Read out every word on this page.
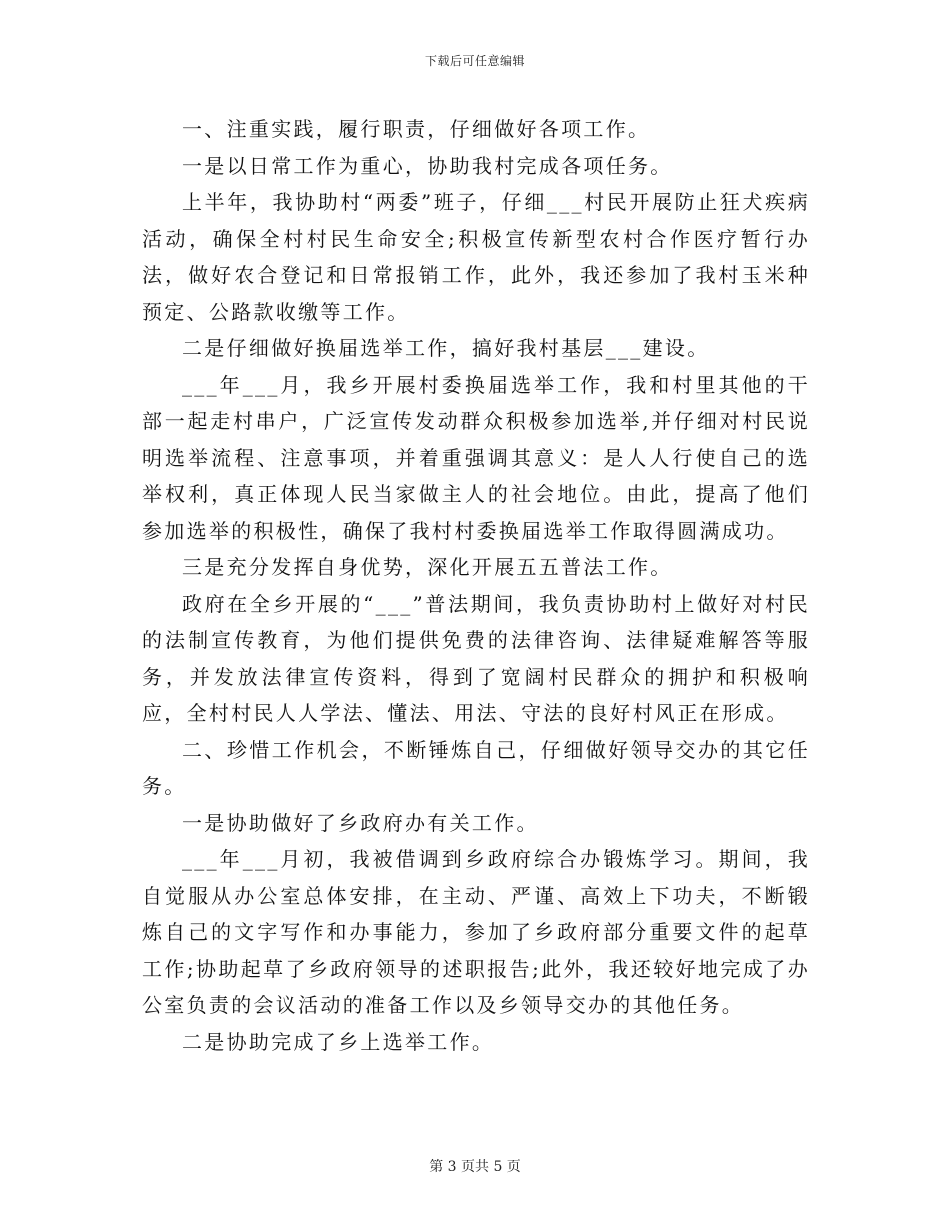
下载后可任意编辑

一、注重实践，履行职责，仔细做好各项工作。

一是以日常工作为重心，协助我村完成各项任务。

上半年，我协助村“两委”班子，仔细___村民开展防止狂犬疾病活动，确保全村村民生命安全;积极宣传新型农村合作医疗暂行办法，做好农合登记和日常报销工作，此外，我还参加了我村玉米种预定、公路款收缴等工作。

二是仔细做好换届选举工作，搞好我村基层___建设。

___年___月，我乡开展村委换届选举工作，我和村里其他的干部一起走村串户，广泛宣传发动群众积极参加选举,并仔细对村民说明选举流程、注意事项，并着重强调其意义：是人人行使自己的选举权利，真正体现人民当家做主人的社会地位。由此，提高了他们参加选举的积极性，确保了我村村委换届选举工作取得圆满成功。

三是充分发挥自身优势，深化开展五五普法工作。

政府在全乡开展的“___”普法期间，我负责协助村上做好对村民的法制宣传教育，为他们提供免费的法律咨询、法律疑难解答等服务，并发放法律宣传资料，得到了宽阔村民群众的拥护和积极响应，全村村民人人学法、懂法、用法、守法的良好村风正在形成。

二、珍惜工作机会，不断锤炼自己，仔细做好领导交办的其它任务。

一是协助做好了乡政府办有关工作。

___年___月初，我被借调到乡政府综合办锻炼学习。期间，我自觉服从办公室总体安排，在主动、严谨、高效上下功夫，不断锻炼自己的文字写作和办事能力，参加了乡政府部分重要文件的起草工作;协助起草了乡政府领导的述职报告;此外，我还较好地完成了办公室负责的会议活动的准备工作以及乡领导交办的其他任务。

二是协助完成了乡上选举工作。

第 3 页共 5 页
